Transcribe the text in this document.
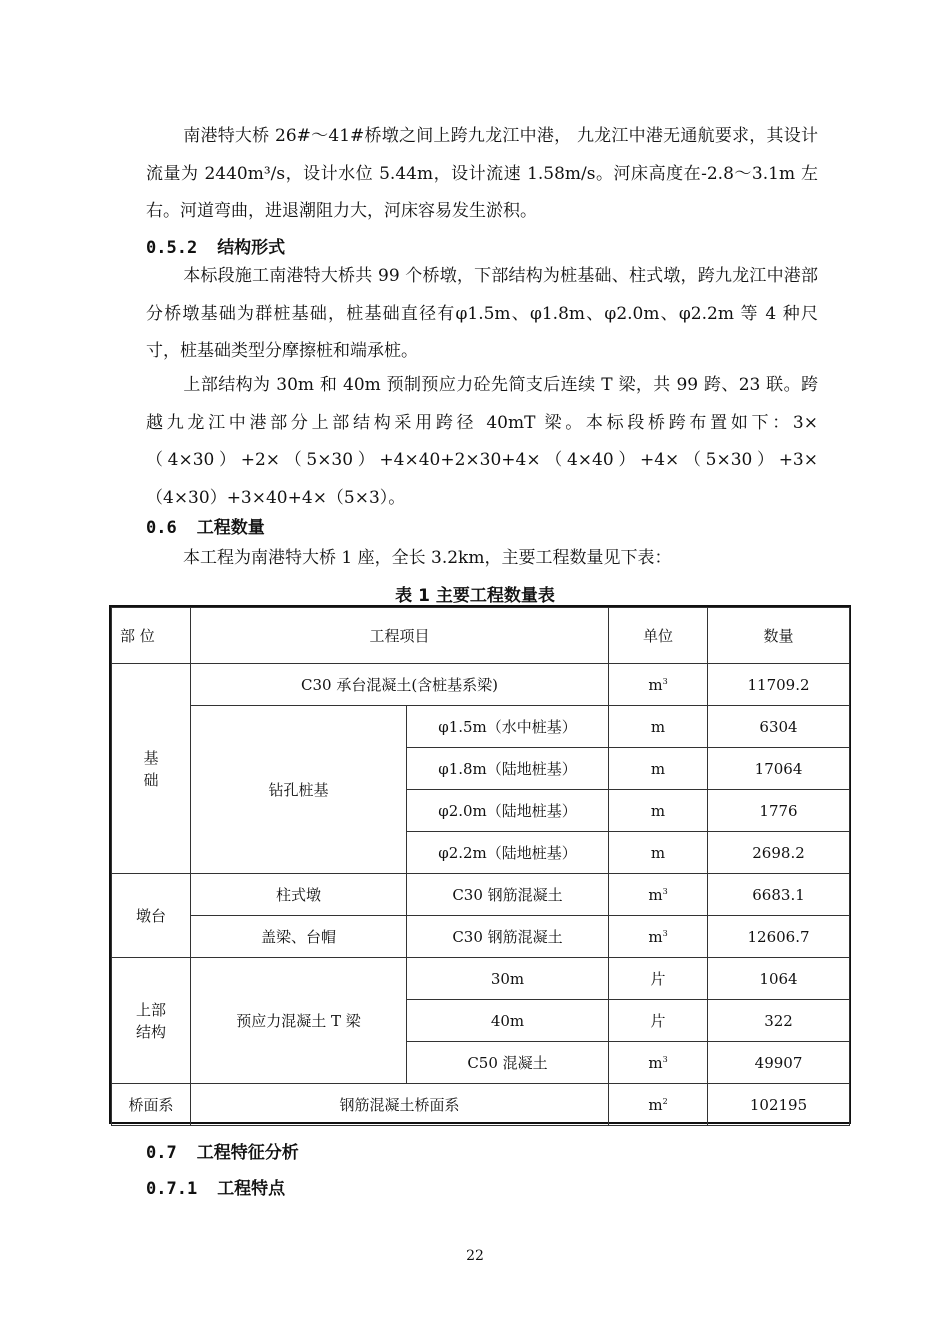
南港特大桥 26#～41#桥墩之间上跨九龙江中港， 九龙江中港无通航要求，其设计流量为 2440m³/s，设计水位 5.44m，设计流速 1.58m/s。河床高度在-2.8～3.1m 左右。河道弯曲，进退潮阻力大，河床容易发生淤积。

0.5.2 结构形式

本标段施工南港特大桥共 99 个桥墩，下部结构为桩基础、柱式墩，跨九龙江中港部分桥墩基础为群桩基础，桩基础直径有φ1.5m、φ1.8m、φ2.0m、φ2.2m 等 4 种尺寸，桩基础类型分摩擦桩和端承桩。

上部结构为 30m 和 40m 预制预应力砼先简支后连续 T 梁，共 99 跨、23 联。跨越九龙江中港部分上部结构采用跨径 40mT 梁。本标段桥跨布置如下：3×（4×30）+2×（5×30）+4×40+2×30+4×（4×40）+4×（5×30）+3×（4×30）+3×40+4×（5×3）。

0.6 工程数量

本工程为南港特大桥 1 座，全长 3.2km，主要工程数量见下表：

表 1 主要工程数量表

部 位	工程项目		单位	数量
基
础	C30 承台混凝土(含桩基系梁)		$m^3$	11709.2
	钻孔桩基	φ1.5m（水中桩基）	m	6304
		φ1.8m（陆地桩基）	m	17064
		φ2.0m（陆地桩基）	m	1776
		φ2.2m（陆地桩基）	m	2698.2
墩台	柱式墩	C30 钢筋混凝土	$m^3$	6683.1
	盖梁、台帽	C30 钢筋混凝土	$m^3$	12606.7
上部
结构	预应力混凝土 T 梁	30m	片	1064
		40m	片	322
		C50 混凝土	$m^3$	49907
桥面系	钢筋混凝土桥面系		$m^2$	102195

0.7 工程特征分析

0.7.1 工程特点

22
